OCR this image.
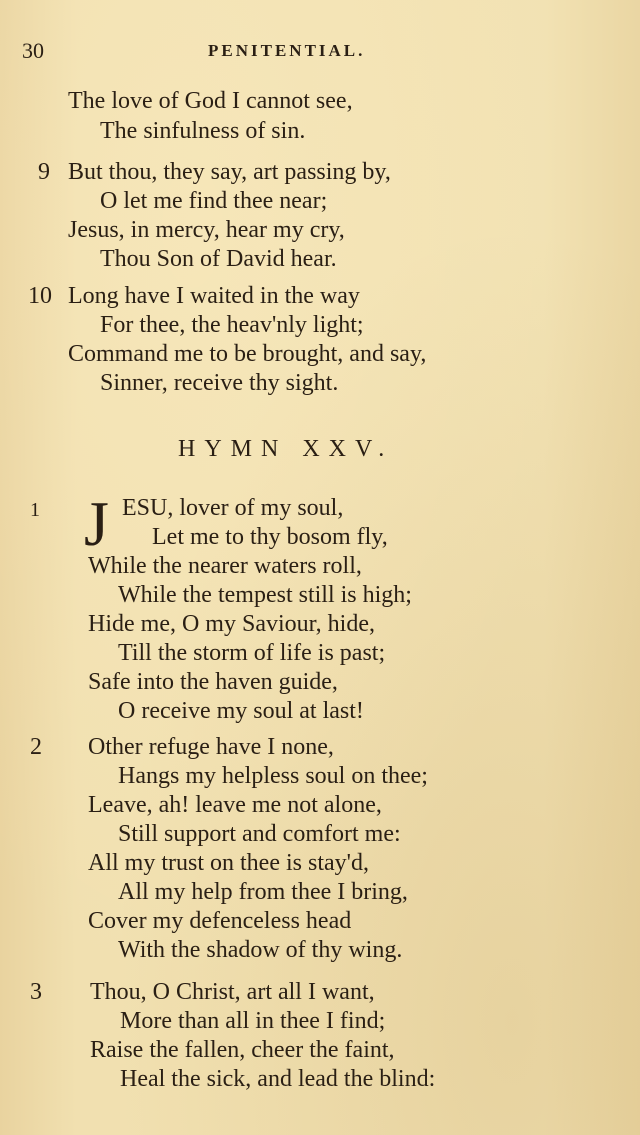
30	PENITENTIAL.
The love of God I cannot see,
The sinfulness of sin.
9 But thou, they say, art passing by,
O let me find thee near;
Jesus, in mercy, hear my cry,
Thou Son of David hear.
10 Long have I waited in the way
For thee, the heav'nly light;
Command me to be brought, and say,
Sinner, receive thy sight.
HYMN XXV.
1 J ESU, lover of my soul,
Let me to thy bosom fly,
While the nearer waters roll,
While the tempest still is high;
Hide me, O my Saviour, hide,
Till the storm of life is past;
Safe into the haven guide,
O receive my soul at last!
2 Other refuge have I none,
Hangs my helpless soul on thee;
Leave, ah! leave me not alone,
Still support and comfort me:
All my trust on thee is stay'd,
All my help from thee I bring,
Cover my defenceless head
With the shadow of thy wing.
3 Thou, O Christ, art all I want,
More than all in thee I find;
Raise the fallen, cheer the faint,
Heal the sick, and lead the blind:
